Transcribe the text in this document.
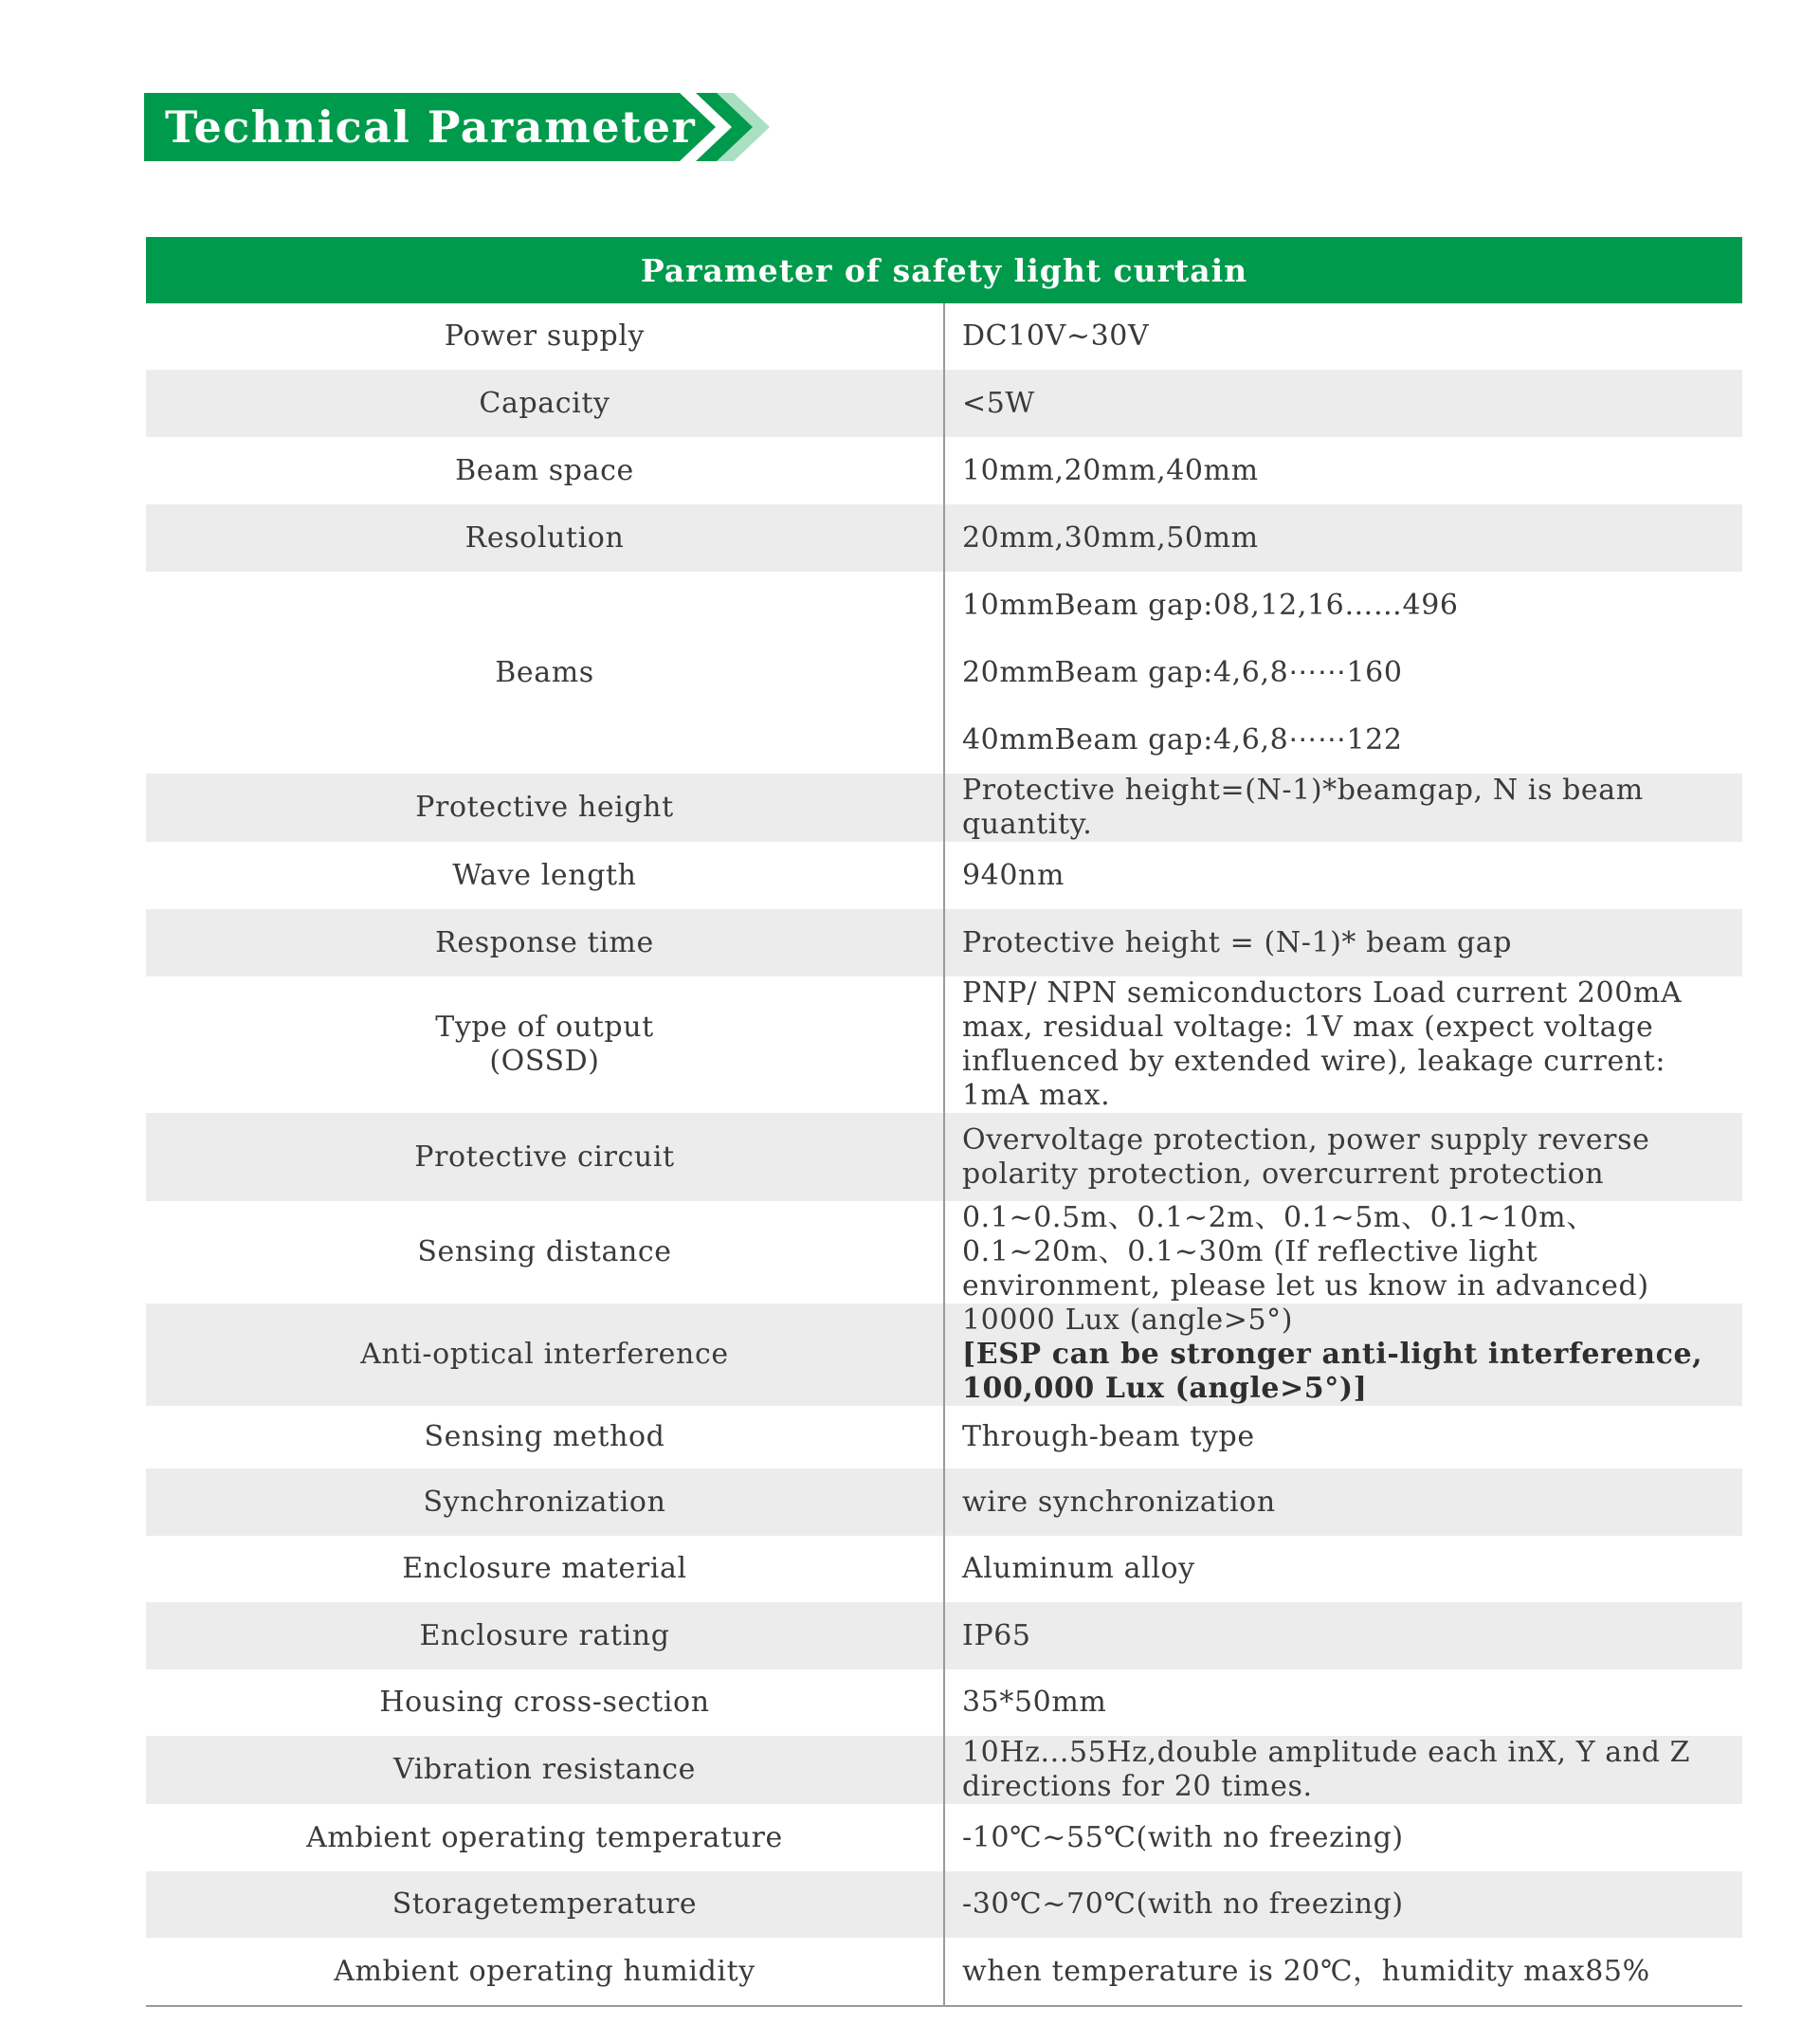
Technical Parameter
Parameter of safety light curtain	
Power supply	DC10V~30V
Capacity	<5W
Beam space	10mm,20mm,40mm
Resolution	20mm,30mm,50mm
Beams	10mmBeam gap:08,12,16……496
20mmBeam gap:4,6,8⋯⋯160
40mmBeam gap:4,6,8⋯⋯122

Protective height	Protective height=(N-1)*beamgap, N is beam quantity.
Wave length	940nm
Response time	Protective height = (N-1)* beam gap

Type of output
(OSSD)	PNP/ NPN semiconductors Load current 200mA max, residual voltage: 1V max (expect voltage influenced by extended wire), leakage current: 1mA max.
Protective circuit	Overvoltage protection, power supply reverse polarity protection, overcurrent protection
Sensing distance	0.1~0.5m、0.1~2m、0.1~5m、0.1~10m、0.1~20m、0.1~30m (If reflective light environment, please let us know in advanced)
Anti-optical interference	10000 Lux (angle>5°)
[ESP can be stronger anti-light interference, 100,000 Lux (angle>5°)]

Sensing method	Through-beam type
Synchronization	wire synchronization
Enclosure material	Aluminum alloy
Enclosure rating	IP65
Housing cross-section	35*50mm
Vibration resistance	10Hz...55Hz,double amplitude each inX, Y and Z directions for 20 times.
Ambient operating temperature	-10℃~55℃(with no freezing)
Storagetemperature	-30℃~70℃(with no freezing)
Ambient operating humidity	when temperature is 20℃，humidity max85%
